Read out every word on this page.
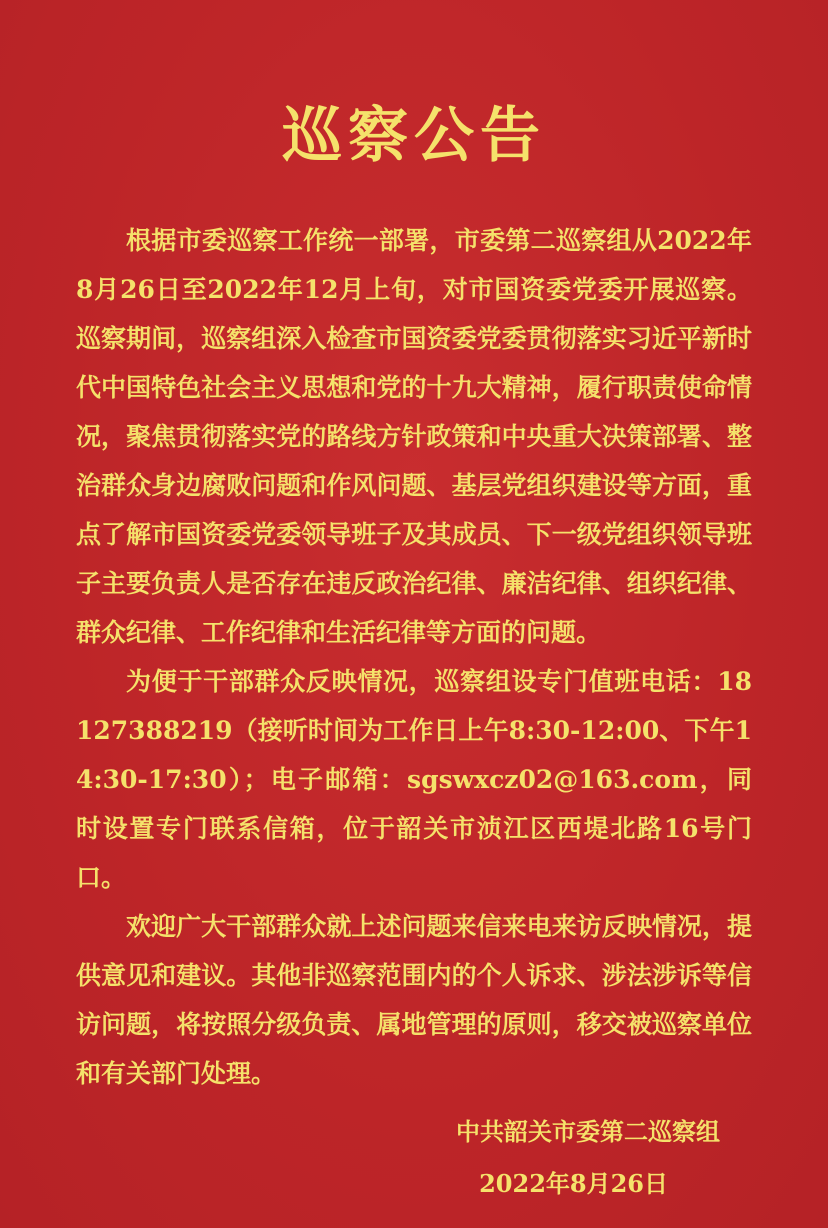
巡察公告

根据市委巡察工作统一部署，市委第二巡察组从2022年8月26日至2022年12月上旬，对市国资委党委开展巡察。巡察期间，巡察组深入检查市国资委党委贯彻落实习近平新时代中国特色社会主义思想和党的十九大精神，履行职责使命情况，聚焦贯彻落实党的路线方针政策和中央重大决策部署、整治群众身边腐败问题和作风问题、基层党组织建设等方面，重点了解市国资委党委领导班子及其成员、下一级党组织领导班子主要负责人是否存在违反政治纪律、廉洁纪律、组织纪律、群众纪律、工作纪律和生活纪律等方面的问题。

为便于干部群众反映情况，巡察组设专门值班电话：18127388219（接听时间为工作日上午8:30-12:00、下午14:30-17:30）；电子邮箱：sgswxcz02@163.com，同时设置专门联系信箱，位于韶关市浈江区西堤北路16号门口。

欢迎广大干部群众就上述问题来信来电来访反映情况，提供意见和建议。其他非巡察范围内的个人诉求、涉法涉诉等信访问题，将按照分级负责、属地管理的原则，移交被巡察单位和有关部门处理。

中共韶关市委第二巡察组
2022年8月26日
